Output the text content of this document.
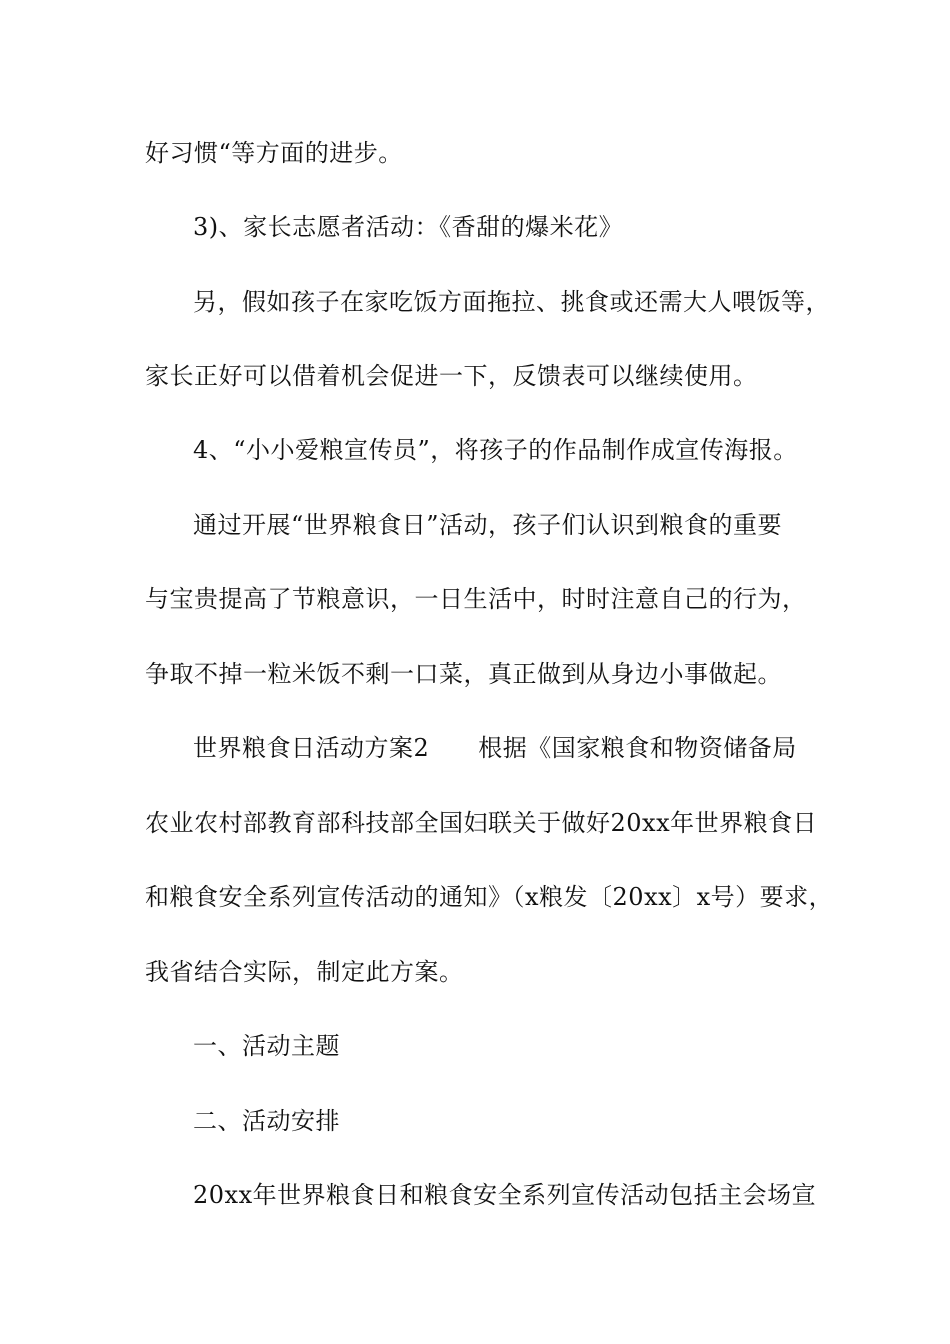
好习惯“等方面的进步。
3)、家长志愿者活动：《香甜的爆米花》
另，假如孩子在家吃饭方面拖拉、挑食或还需大人喂饭等，
家长正好可以借着机会促进一下，反馈表可以继续使用。
4、“小小爱粮宣传员”，将孩子的作品制作成宣传海报。
通过开展“世界粮食日”活动，孩子们认识到粮食的重要
与宝贵提高了节粮意识，一日生活中，时时注意自己的行为，
争取不掉一粒米饭不剩一口菜，真正做到从身边小事做起。
世界粮食日活动方案2　　根据《国家粮食和物资储备局
农业农村部教育部科技部全国妇联关于做好20xx年世界粮食日
和粮食安全系列宣传活动的通知》（x粮发〔20xx〕x号）要求，
我省结合实际，制定此方案。
一、活动主题
二、活动安排
20xx年世界粮食日和粮食安全系列宣传活动包括主会场宣
